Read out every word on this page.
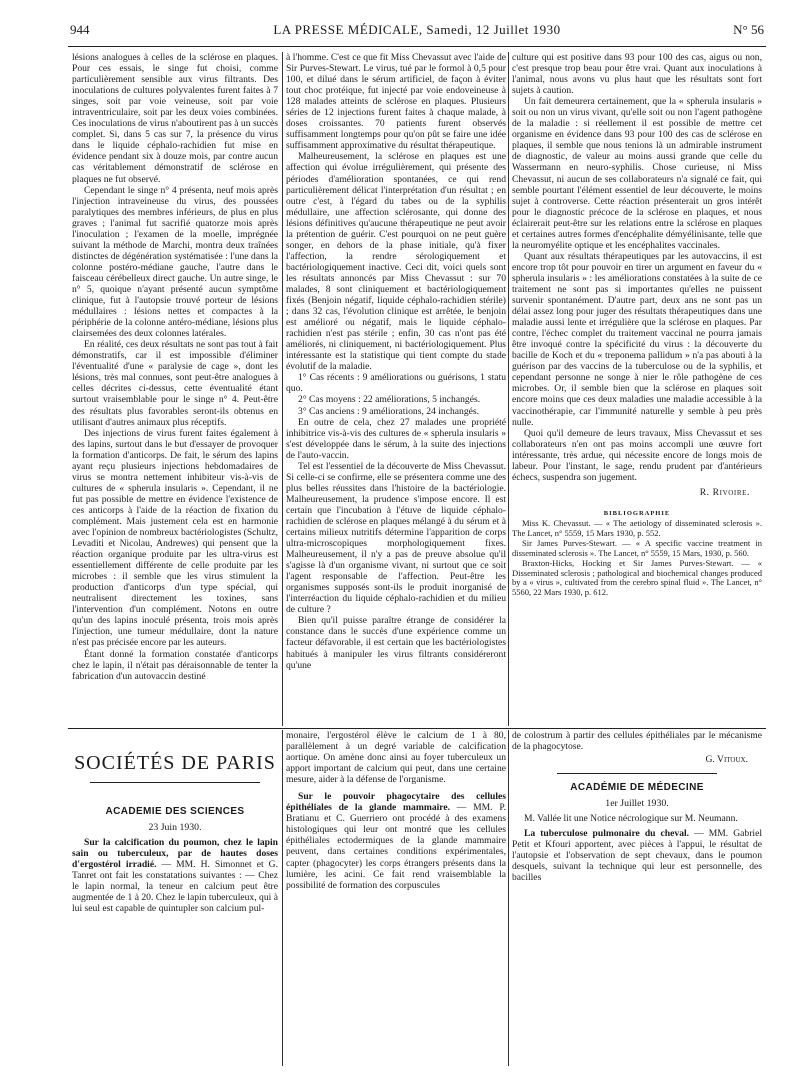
944	LA PRESSE MÉDICALE, Samedi, 12 Juillet 1930	N° 56

lésions analogues à celles de la sclérose en plaques. Pour ces essais, le singe fut choisi, comme particulièrement sensible aux virus filtrants. Des inoculations de cultures polyvalentes furent faites à 7 singes, soit par voie veineuse, soit par voie intraventriculaire, soit par les deux voies combinées. Ces inoculations de virus n'aboutirent pas à un succès complet. Si, dans 5 cas sur 7, la présence du virus dans le liquide céphalo-rachidien fut mise en évidence pendant six à douze mois, par contre aucun cas véritablement démonstratif de sclérose en plaques ne fut observé.

Cependant le singe n° 4 présenta, neuf mois après l'injection intraveineuse du virus, des poussées paralytiques des membres inférieurs, de plus en plus graves ; l'animal fut sacrifié quatorze mois après l'inoculation ; l'examen de la moelle, imprégnée suivant la méthode de Marchi, montra deux traînées distinctes de dégénération systématisée : l'une dans la colonne postéro-médiane gauche, l'autre dans le faisceau cérébelleux direct gauche. Un autre singe, le n° 5, quoique n'ayant présenté aucun symptôme clinique, fut à l'autopsie trouvé porteur de lésions médullaires : lésions nettes et compactes à la périphérie de la colonne antéro-médiane, lésions plus clairsemées des deux colonnes latérales.

En réalité, ces deux résultats ne sont pas tout à fait démonstratifs, car il est impossible d'éliminer l'éventualité d'une « paralysie de cage », dont les lésions, très mal connues, sont peut-être analogues à celles décrites ci-dessus, cette éventualité étant surtout vraisemblable pour le singe n° 4. Peut-être des résultats plus favorables seront-ils obtenus en utilisant d'autres animaux plus réceptifs.

Des injections de virus furent faites également à des lapins, surtout dans le but d'essayer de provoquer la formation d'anticorps. De fait, le sérum des lapins ayant reçu plusieurs injections hebdomadaires de virus se montra nettement inhibiteur vis-à-vis de cultures de « spherula insularis ». Cependant, il ne fut pas possible de mettre en évidence l'existence de ces anticorps à l'aide de la réaction de fixation du complément. Mais justement cela est en harmonie avec l'opinion de nombreux bactériologistes (Schultz, Levaditi et Nicolau, Andrewes) qui pensent que la réaction organique produite par les ultra-virus est essentiellement différente de celle produite par les microbes : il semble que les virus stimulent la production d'anticorps d'un type spécial, qui neutralisent directement les toxines, sans l'intervention d'un complément. Notons en outre qu'un des lapins inoculé présenta, trois mois après l'injection, une tumeur médullaire, dont la nature n'est pas précisée encore par les auteurs.

Étant donné la formation constatée d'anticorps chez le lapin, il n'était pas déraisonnable de tenter la fabrication d'un autovaccin destiné

à l'homme. C'est ce que fit Miss Chevassut avec l'aide de Sir Purves-Stewart. Le virus, tué par le formol à 0,5 pour 100, et dilué dans le sérum artificiel, de façon à éviter tout choc protéique, fut injecté par voie endoveineuse à 128 malades atteints de sclérose en plaques. Plusieurs séries de 12 injections furent faites à chaque malade, à doses croissantes. 70 patients furent observés suffisamment longtemps pour qu'on pût se faire une idée suffisamment approximative du résultat thérapeutique.

Malheureusement, la sclérose en plaques est une affection qui évolue irrégulièrement, qui présente des périodes d'amélioration spontanées, ce qui rend particulièrement délicat l'interprétation d'un résultat ; en outre c'est, à l'égard du tabes ou de la syphilis médullaire, une affection sclérosante, qui donne des lésions définitives qu'aucune thérapeutique ne peut avoir la prétention de guérir. C'est pourquoi on ne peut guère songer, en dehors de la phase initiale, qu'à fixer l'affection, la rendre sérologiquement et bactériologiquement inactive. Ceci dit, voici quels sont les résultats annoncés par Miss Chevassut : sur 70 malades, 8 sont cliniquement et bactériologiquement fixés (Benjoin négatif, liquide céphalo-rachidien stérile) ; dans 32 cas, l'évolution clinique est arrêtée, le benjoin est amélioré ou négatif, mais le liquide céphalo-rachidien n'est pas stérile ; enfin, 30 cas n'ont pas été améliorés, ni cliniquement, ni bactériologiquement. Plus intéressante est la statistique qui tient compte du stade évolutif de la maladie.

1° Cas récents : 9 améliorations ou guérisons, 1 statu quo.

2° Cas moyens : 22 améliorations, 5 inchangés.

3° Cas anciens : 9 améliorations, 24 inchangés.

En outre de cela, chez 27 malades une propriété inhibitrice vis-à-vis des cultures de « spherula insularis » s'est développée dans le sérum, à la suite des injections de l'auto-vaccin.

Tel est l'essentiel de la découverte de Miss Chevassut. Si celle-ci se confirme, elle se présentera comme une des plus belles réussites dans l'histoire de la bactériologie. Malheureusement, la prudence s'impose encore. Il est certain que l'incubation à l'étuve de liquide céphalo-rachidien de sclérose en plaques mélangé à du sérum et à certains milieux nutritifs détermine l'apparition de corps ultra-microscopiques morphologiquement fixes. Malheureusement, il n'y a pas de preuve absolue qu'il s'agisse là d'un organisme vivant, ni surtout que ce soit l'agent responsable de l'affection. Peut-être les organismes supposés sont-ils le produit inorganisé de l'interréaction du liquide céphalo-rachidien et du milieu de culture ?

Bien qu'il puisse paraître étrange de considérer la constance dans le succès d'une expérience comme un facteur défavorable, il est certain que les bactériologistes habitués à manipuler les virus filtrants considéreront qu'une

culture qui est positive dans 93 pour 100 des cas, aigus ou non, c'est presque trop beau pour être vrai. Quant aux inoculations à l'animal, nous avons vu plus haut que les résultats sont fort sujets à caution.

Un fait demeurera certainement, que la « spherula insularis » soit ou non un virus vivant, qu'elle soit ou non l'agent pathogène de la maladie : si réellement il est possible de mettre cet organisme en évidence dans 93 pour 100 des cas de sclérose en plaques, il semble que nous tenions là un admirable instrument de diagnostic, de valeur au moins aussi grande que celle du Wassermann en neuro-syphilis. Chose curieuse, ni Miss Chevassut, ni aucun de ses collaborateurs n'a signalé ce fait, qui semble pourtant l'élément essentiel de leur découverte, le moins sujet à controverse. Cette réaction présenterait un gros intérêt pour le diagnostic précoce de la sclérose en plaques, et nous éclairerait peut-être sur les relations entre la sclérose en plaques et certaines autres formes d'encéphalite démyélinisante, telle que la neuromyélite optique et les encéphalites vaccinales.

Quant aux résultats thérapeutiques par les autovaccins, il est encore trop tôt pour pouvoir en tirer un argument en faveur du « spherula insularis » : les améliorations constatées à la suite de ce traitement ne sont pas si importantes qu'elles ne puissent survenir spontanément. D'autre part, deux ans ne sont pas un délai assez long pour juger des résultats thérapeutiques dans une maladie aussi lente et irrégulière que la sclérose en plaques. Par contre, l'échec complet du traitement vaccinal ne pourra jamais être invoqué contre la spécificité du virus : la découverte du bacille de Koch et du « treponema pallidum » n'a pas abouti à la guérison par des vaccins de la tuberculose ou de la syphilis, et cependant personne ne songe à nier le rôle pathogène de ces microbes. Or, il semble bien que la sclérose en plaques soit encore moins que ces deux maladies une maladie accessible à la vaccinothérapie, car l'immunité naturelle y semble à peu près nulle.

Quoi qu'il demeure de leurs travaux, Miss Chevassut et ses collaborateurs n'en ont pas moins accompli une œuvre fort intéressante, très ardue, qui nécessite encore de longs mois de labeur. Pour l'instant, le sage, rendu prudent par d'antérieurs échecs, suspendra son jugement.

R. Rivoire.

BIBLIOGRAPHIE

Miss K. Chevassut. — « The aetiology of disseminated sclerosis ». The Lancet, n° 5559, 15 Mars 1930, p. 552.

Sir James Purves-Stewart. — « A specific vaccine treatment in disseminated sclerosis ». The Lancet, n° 5559, 15 Mars, 1930, p. 560.

Braxton-Hicks, Hocking et Sir James Purves-Stewart. — « Disseminated sclerosis ; pathological and biochemical changes produced by a « virus », cultivated from the cerebro spinal fluid ». The Lancet, n° 5560, 22 Mars 1930, p. 612.

SOCIÉTÉS DE PARIS

ACADÉMIE DES SCIENCES

23 Juin 1930.

Sur la calcification du poumon, chez le lapin sain ou tuberculeux, par de hautes doses d'ergostérol irradié. — MM. H. Simonnet et G. Tanret ont fait les constatations suivantes : — Chez le lapin normal, la teneur en calcium peut être augmentée de 1 à 20. Chez le lapin tuberculeux, qui à lui seul est capable de quintupler son calcium pul-

monaire, l'ergostérol élève le calcium de 1 à 80, parallèlement à un degré variable de calcification aortique. On amène donc ainsi au foyer tuberculeux un apport important de calcium qui peut, dans une certaine mesure, aider à la défense de l'organisme.

Sur le pouvoir phagocytaire des cellules épithéliales de la glande mammaire. — MM. P. Bratianu et C. Guerriero ont procédé à des examens histologiques qui leur ont montré que les cellules épithéliales ectodermiques de la glande mammaire peuvent, dans certaines conditions expérimentales, capter (phagocyter) les corps étrangers présents dans la lumière, les acini. Ce fait rend vraisemblable la possibilité de formation des corpuscules

de colostrum à partir des cellules épithéliales par le mécanisme de la phagocytose.

G. Vitoux.

ACADÉMIE DE MÉDECINE

1er Juillet 1930.

M. Vallée lit une Notice nécrologique sur M. Neumann.

La tuberculose pulmonaire du cheval. — MM. Gabriel Petit et Kfouri apportent, avec pièces à l'appui, le résultat de l'autopsie et l'observation de sept chevaux, dans le poumon desquels, suivant la technique qui leur est personnelle, des bacilles
